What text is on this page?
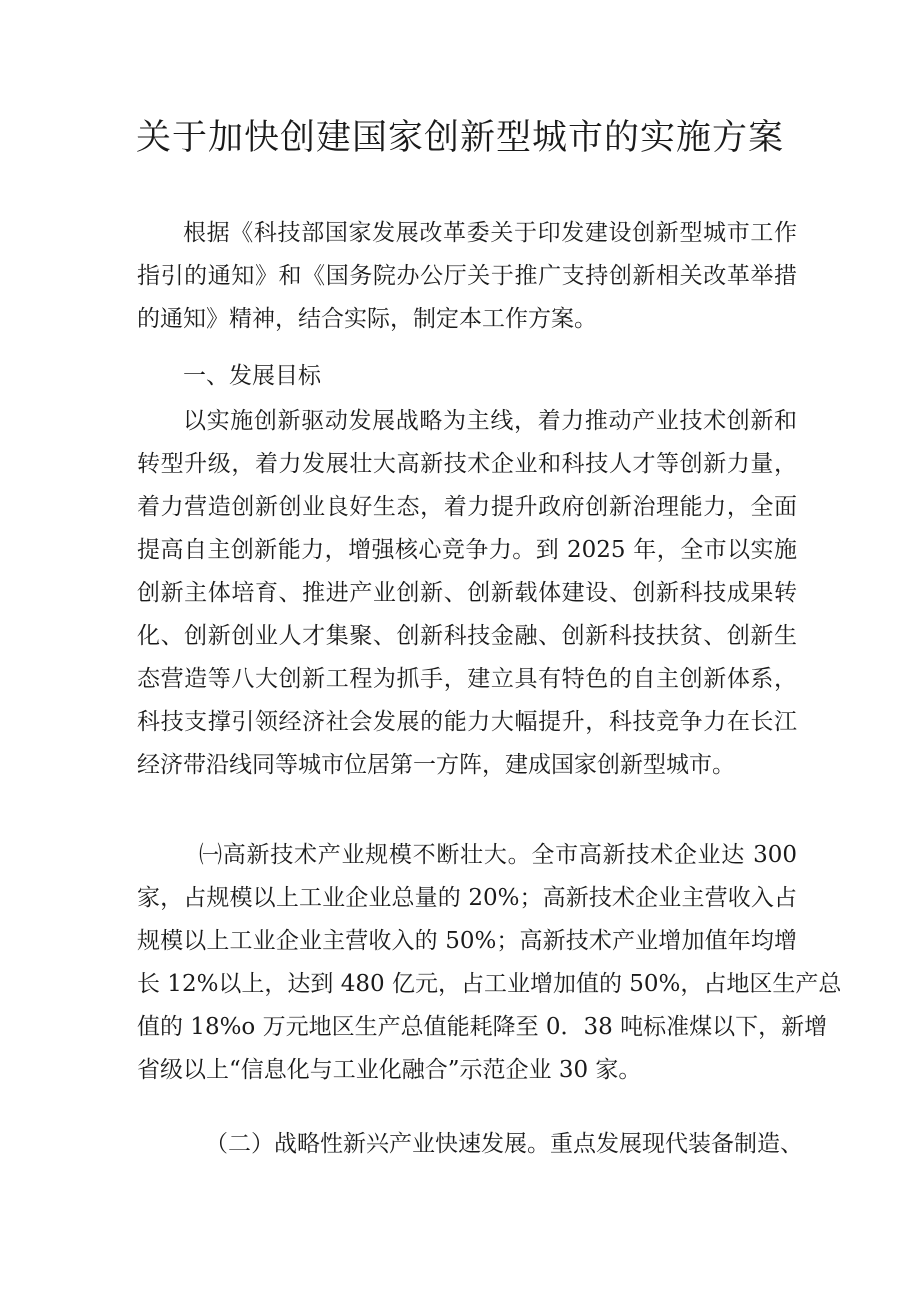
关于加快创建国家创新型城市的实施方案
根据《科技部国家发展改革委关于印发建设创新型城市工作
指引的通知》和《国务院办公厅关于推广支持创新相关改革举措
的通知》精神，结合实际，制定本工作方案。
一、发展目标
以实施创新驱动发展战略为主线，着力推动产业技术创新和
转型升级，着力发展壮大高新技术企业和科技人才等创新力量，
着力营造创新创业良好生态，着力提升政府创新治理能力，全面
提高自主创新能力，增强核心竞争力。到 2025 年，全市以实施
创新主体培育、推进产业创新、创新载体建设、创新科技成果转
化、创新创业人才集聚、创新科技金融、创新科技扶贫、创新生
态营造等八大创新工程为抓手，建立具有特色的自主创新体系，
科技支撑引领经济社会发展的能力大幅提升，科技竞争力在长江
经济带沿线同等城市位居第一方阵，建成国家创新型城市。
㈠高新技术产业规模不断壮大。全市高新技术企业达 300
家，占规模以上工业企业总量的 20%；高新技术企业主营收入占
规模以上工业企业主营收入的 50%；高新技术产业增加值年均增
长 12%以上，达到 480 亿元，占工业增加值的 50%，占地区生产总
值的 18%o 万元地区生产总值能耗降至 0．38 吨标准煤以下，新增
省级以上“信息化与工业化融合”示范企业 30 家。
（二）战略性新兴产业快速发展。重点发展现代装备制造、
